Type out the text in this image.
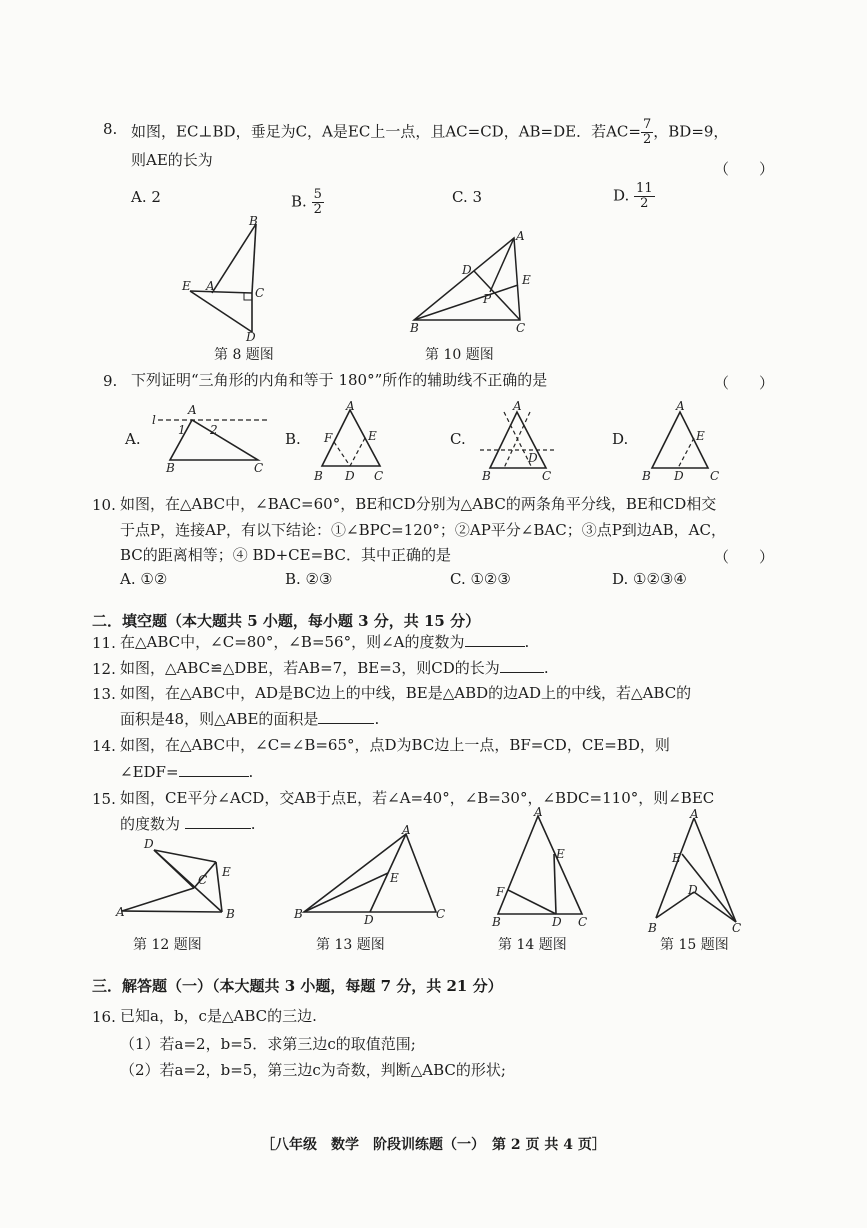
8. 如图，EC⊥BD，垂足为C，A是EC上一点，且AC=CD，AB=DE．若$AC= \frac{7}{2}$ ，BD=9，
则AE的长为	（　　）
A. 2	B. $\frac{5}{2}$	C. 3	D. $\frac{11}{2}$
B
E A	C
D
第 8 题图
A
D
E
P
B	C
第 10 题图
9. 下列证明“三角形的内角和等于 180°”所作的辅助线不正确的是	（　　）
A.
l
A
1 2
B	C
B.
A
F	E
B D C
C.
A
D
B	C
D.
A
E
B D C
10. 如图，在△ABC中，∠BAC=60°，BE和CD分别为△ABC的两条角平分线，BE和CD相交
于点P，连接AP，有以下结论：①∠BPC=120°；②AP平分∠BAC；③点P到边AB，AC，
BC的距离相等；④ BD+CE=BC．其中正确的是	（　　）
A. ①②	B. ②③	C. ①②③	D. ①②③④
二．填空题（本大题共 5 小题，每小题 3 分，共 15 分）
11. 在△ABC中，∠C=80°，∠B=56°，则∠A的度数为	.
12. 如图，△ABC≌△DBE，若AB=7，BE=3，则CD的长为	.
13. 如图，在△ABC中，AD是BC边上的中线，BE是△ABD的边AD上的中线，若△ABC的
面积是48，则△ABE的面积是	.
14. 如图，在△ABC中，∠C=∠B=65°，点D为BC边上一点，BF=CD，CE=BD，则
∠EDF=	.
15. 如图，CE平分∠ACD，交AB于点E，若∠A=40°，∠B=30°，∠BDC=110°，则∠BEC
的度数为	.
D
C
E
A	B
第 12 题图
A
E
B	D	C
第 13 题图
A
E
F
B	D C
第 14 题图
A
E
D
B	C
第 15 题图
三．解答题（一）（本大题共 3 小题，每题 7 分，共 21 分）
16. 已知a，b，c是△ABC的三边.
（1）若a=2，b=5．求第三边c的取值范围;
（2）若a=2，b=5，第三边c为奇数，判断△ABC的形状;
［八年级　数学　阶段训练题（一）　第 2 页 共 4 页］
